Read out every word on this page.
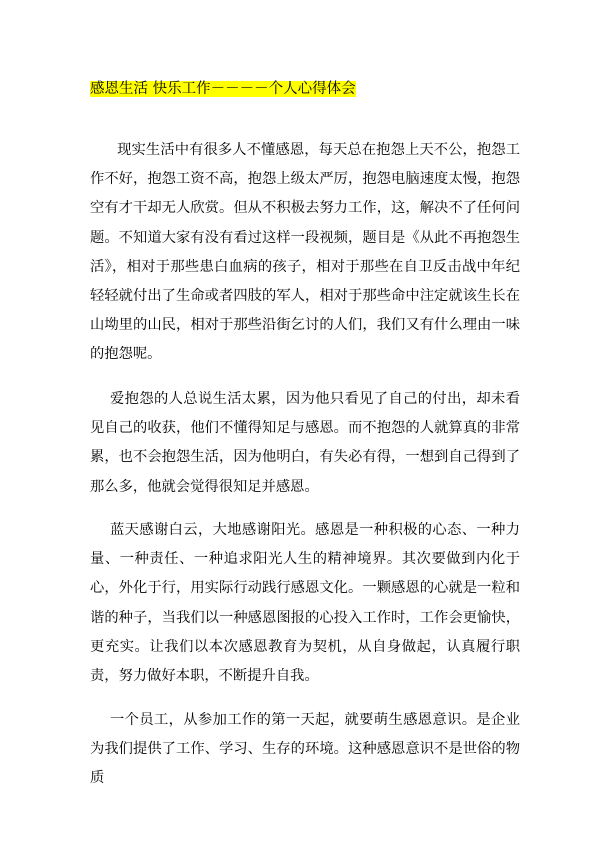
感恩生活 快乐工作－－－－个人心得体会

现实生活中有很多人不懂感恩，每天总在抱怨上天不公，抱怨工作不好，抱怨工资不高，抱怨上级太严厉，抱怨电脑速度太慢，抱怨空有才干却无人欣赏。但从不积极去努力工作，这，解决不了任何问题。不知道大家有没有看过这样一段视频，题目是《从此不再抱怨生活》，相对于那些患白血病的孩子，相对于那些在自卫反击战中年纪轻轻就付出了生命或者四肢的军人，相对于那些命中注定就该生长在山坳里的山民，相对于那些沿街乞讨的人们，我们又有什么理由一味的抱怨呢。

爱抱怨的人总说生活太累，因为他只看见了自己的付出，却未看见自己的收获，他们不懂得知足与感恩。而不抱怨的人就算真的非常累，也不会抱怨生活，因为他明白，有失必有得，一想到自己得到了那么多，他就会觉得很知足并感恩。

蓝天感谢白云，大地感谢阳光。感恩是一种积极的心态、一种力量、一种责任、一种追求阳光人生的精神境界。其次要做到内化于心，外化于行，用实际行动践行感恩文化。一颗感恩的心就是一粒和谐的种子，当我们以一种感恩图报的心投入工作时，工作会更愉快，更充实。让我们以本次感恩教育为契机，从自身做起，认真履行职责，努力做好本职，不断提升自我。

一个员工，从参加工作的第一天起，就要萌生感恩意识。是企业为我们提供了工作、学习、生存的环境。这种感恩意识不是世俗的物质
